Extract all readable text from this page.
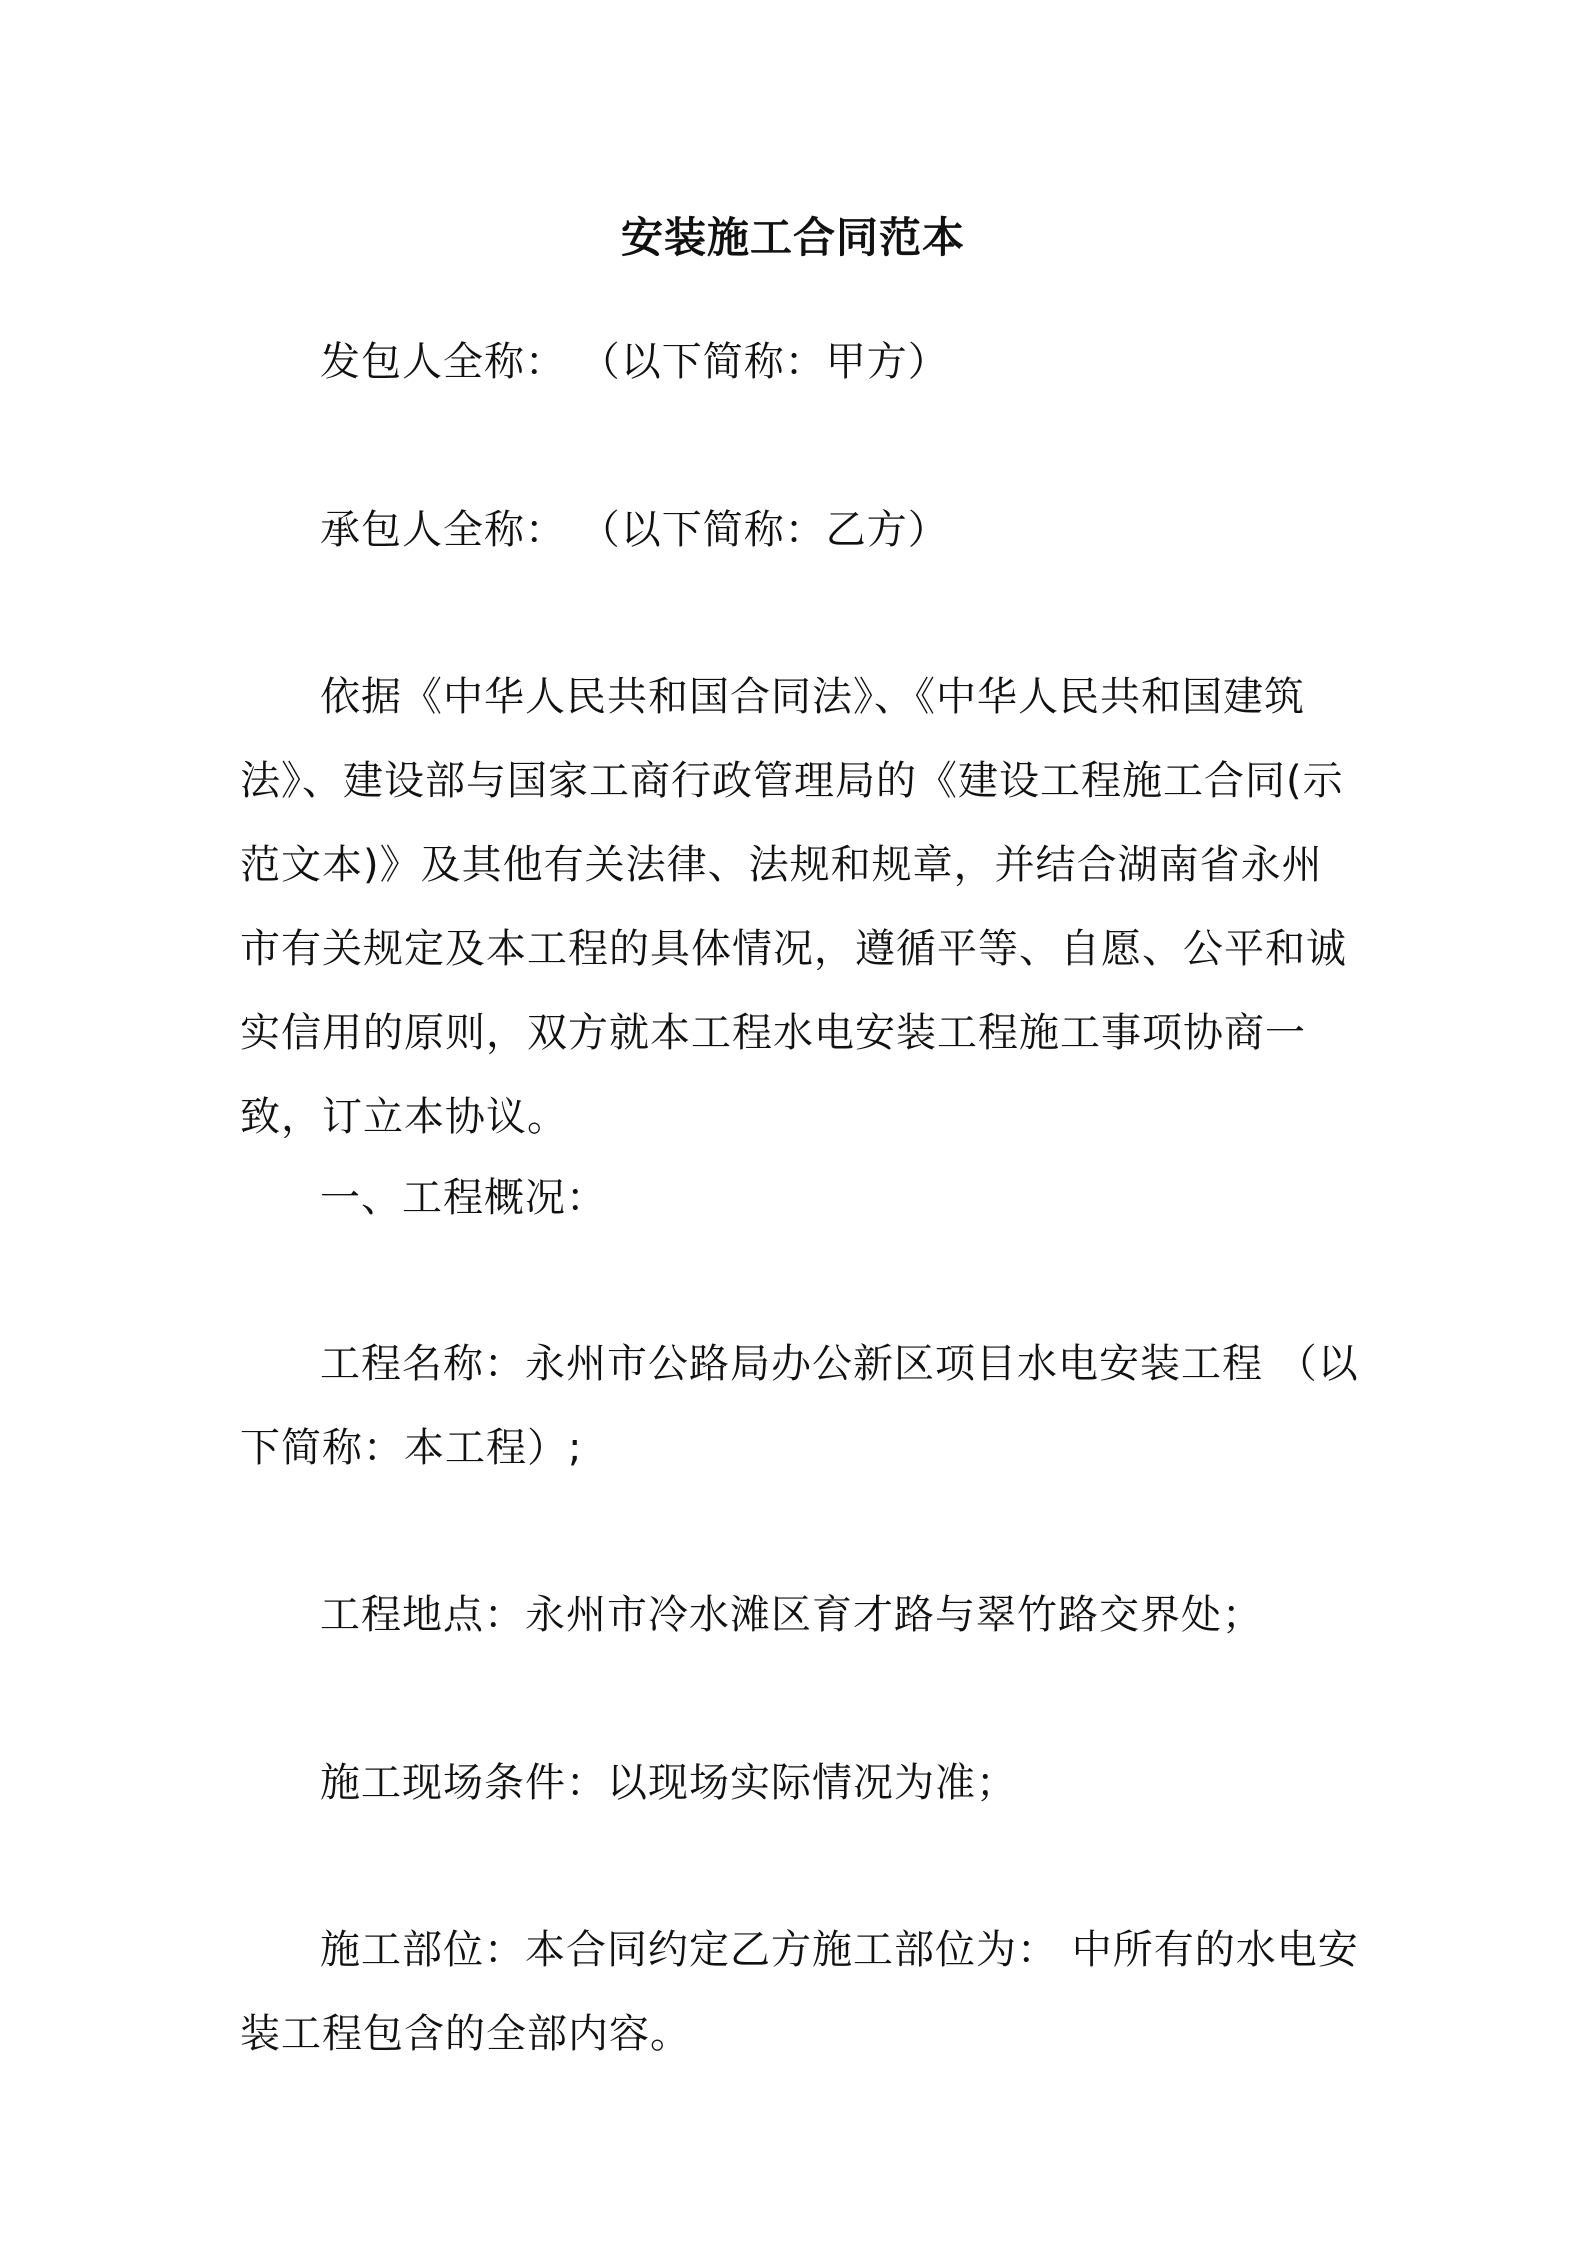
安装施工合同范本
发包人全称： （以下简称：甲方）
承包人全称： （以下简称：乙方）
依据《中华人民共和国合同法》、《中华人民共和国建筑法》、建设部与国家工商行政管理局的《建设工程施工合同(示范文本)》及其他有关法律、法规和规章，并结合湖南省永州市有关规定及本工程的具体情况，遵循平等、自愿、公平和诚实信用的原则，双方就本工程水电安装工程施工事项协商一致，订立本协议。
一、工程概况：
工程名称：永州市公路局办公新区项目水电安装工程 （以下简称：本工程）;
工程地点：永州市冷水滩区育才路与翠竹路交界处；
施工现场条件：以现场实际情况为准；
施工部位：本合同约定乙方施工部位为： 中所有的水电安装工程包含的全部内容。
